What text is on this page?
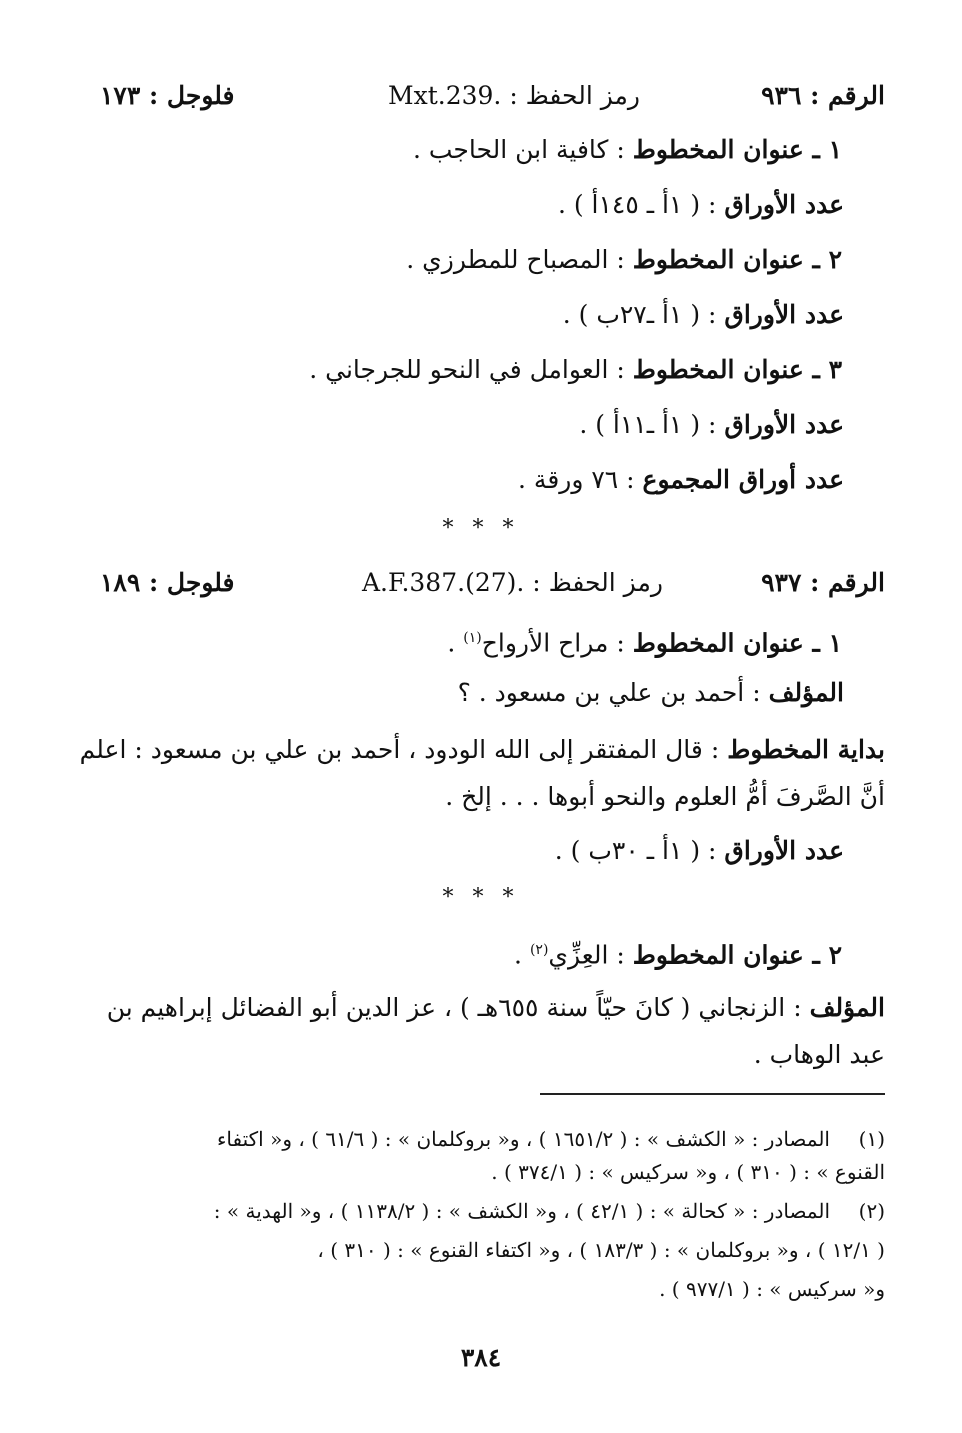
الرقم : ٩٣٦
رمز الحفظ : .Mxt.239
فلوجل : ١٧٣
١ ـ عنوان المخطوط : كافية ابن الحاجب .
عدد الأوراق : ( ١أ ـ ١٤٥أ ) .
٢ ـ عنوان المخطوط : المصباح للمطرزي .
عدد الأوراق : ( ١أ ـ٢٧ب ) .
٣ ـ عنوان المخطوط : العوامل في النحو للجرجاني .
عدد الأوراق : ( ١أ ـ١١أ ) .
عدد أوراق المجموع : ٧٦ ورقة .
* * *
الرقم : ٩٣٧
رمز الحفظ : .A.F.387.(27)
فلوجل : ١٨٩
١ ـ عنوان المخطوط : مراح الأرواح$^{(١)}$ .
المؤلف : أحمد بن علي بن مسعود . ؟
بداية المخطوط : قال المفتقر إلى الله الودود ، أحمد بن علي بن مسعود : اعلم
أنَّ الصَّرفَ أمُّ العلوم والنحو أبوها . . . إلخ .
عدد الأوراق : ( ١أ ـ ٣٠ب ) .
* * *
٢ ـ عنوان المخطوط : العِزِّي$^{(٢)}$ .
المؤلف : الزنجاني ( كانَ حيّاً سنة ٦٥٥هـ ) ، عز الدين أبو الفضائل إبراهيم بن
عبد الوهاب .
(١)
المصادر : « الكشف » : ( ١٦٥١/٢ ) ، و« بروكلمان » : ( ٦١/٦ ) ، و« اكتفاء
القنوع » : ( ٣١٠ ) ، و« سركيس » : ( ٣٧٤/١ ) .
(٢)
المصادر : « كحالة » : ( ٤٢/١ ) ، و« الكشف » : ( ١١٣٨/٢ ) ، و« الهدية » :
( ١٢/١ ) ، و« بروكلمان » : ( ١٨٣/٣ ) ، و« اكتفاء القنوع » : ( ٣١٠ ) ،
و« سركيس » : ( ٩٧٧/١ ) .
٣٨٤
